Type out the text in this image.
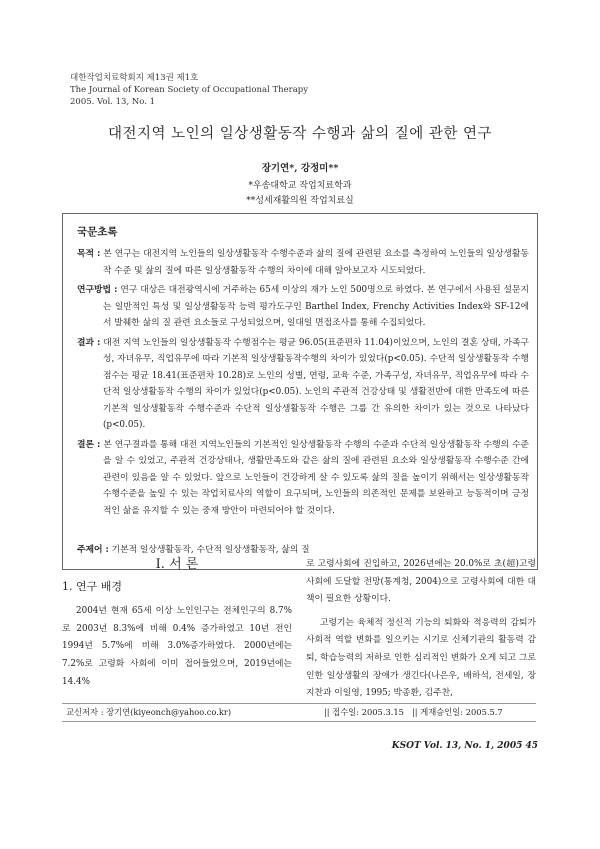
대한작업치료학회지 제13권 제1호
The Journal of Korean Society of Occupational Therapy
2005. Vol. 13, No. 1
대전지역 노인의 일상생활동작 수행과 삶의 질에 관한 연구
장기연*, 강정미**
*우송대학교 작업치료학과
**성세재활의원 작업치료실
국문초록

목적 : 본 연구는 대전지역 노인들의 일상생활동작 수행수준과 삶의 질에 관련된 요소를 측정하여 노인들의 일상생활동작 수준 및 삶의 질에 따른 일상생활동작 수행의 차이에 대해 알아보고자 시도되었다.

연구방법 : 연구 대상은 대전광역시에 거주하는 65세 이상의 재가 노인 500명으로 하였다. 본 연구에서 사용된 설문지는 일반적인 특성 및 일상생활동작 능력 평가도구인 Barthel Index, Frenchy Activities Index와 SF-12에서 발췌한 삶의 질 관련 요소들로 구성되었으며, 일대일 면접조사를 통해 수집되었다.

결과 : 대전 지역 노인들의 일상생활동작 수행점수는 평균 96.05(표준편차 11.04)이었으며, 노인의 결혼 상태, 가족구성, 자녀유무, 직업유무에 따라 기본적 일상생활동작수행의 차이가 있었다(p<0.05). 수단적 일상생활동작 수행점수는 평균 18.41(표준편차 10.28)로 노인의 성별, 연령, 교육 수준, 가족구성, 자녀유무, 직업유무에 따라 수단적 일상생활동작 수행의 차이가 있었다(p<0.05). 노인의 주관적 건강상태 및 생활전반에 대한 만족도에 따른 기본적 일상생활동작 수행수준과 수단적 일상생활동작 수행은 그룹 간 유의한 차이가 있는 것으로 나타났다(p<0.05).

결론 : 본 연구결과를 통해 대전 지역노인들의 기본적인 일상생활동작 수행의 수준과 수단적 일상생활동작 수행의 수준을 알 수 있었고, 주관적 건강상태나, 생활만족도와 같은 삶의 질에 관련된 요소와 일상생활동작 수행수준 간에 관련이 있음을 알 수 있었다. 앞으로 노인들이 건강하게 살 수 있도록 삶의 질을 높이기 위해서는 일상생활동작 수행수준을 높일 수 있는 작업치료사의 역할이 요구되며, 노인들의 의존적인 문제를 보완하고 능동적이며 긍정적인 삶을 유지할 수 있는 중재 방안이 마련되어야 할 것이다.

주제어 : 기본적 일상생활동작, 수단적 일상생활동작, 삶의 질
Ⅰ. 서 론
1. 연구 배경

2004년 현재 65세 이상 노인인구는 전체인구의 8.7%로 2003년 8.3%에 비해 0.4% 증가하였고 10년 전인 1994년 5.7%에 비해 3.0%증가하였다. 2000년에는 7.2%로 고령화 사회에 이미 접어들었으며, 2019년에는 14.4%

로 고령사회에 진입하고, 2026년에는 20.0%로 초(超)고령사회에 도달할 전망(통계청, 2004)으로 고령사회에 대한 대책이 필요한 상황이다.

고령기는 육체적 정신적 기능의 퇴화와 적응력의 감퇴가 사회적 역할 변화를 일으키는 시기로 신체기관의 활동력 감퇴, 학습능력의 저하로 인한 심리적인 변화가 오게 되고 그로 인한 일상생활의 장애가 생긴다(나은우, 배하석, 전세일, 장지찬과 이일영, 1995; 박종환, 김주찬,

교신저자 : 장기연(kiyeonch@yahoo.co.kr)	|| 접수일: 2005.3.15 || 게재승인일: 2005.5.7
KSOT Vol. 13, No. 1, 2005 45
